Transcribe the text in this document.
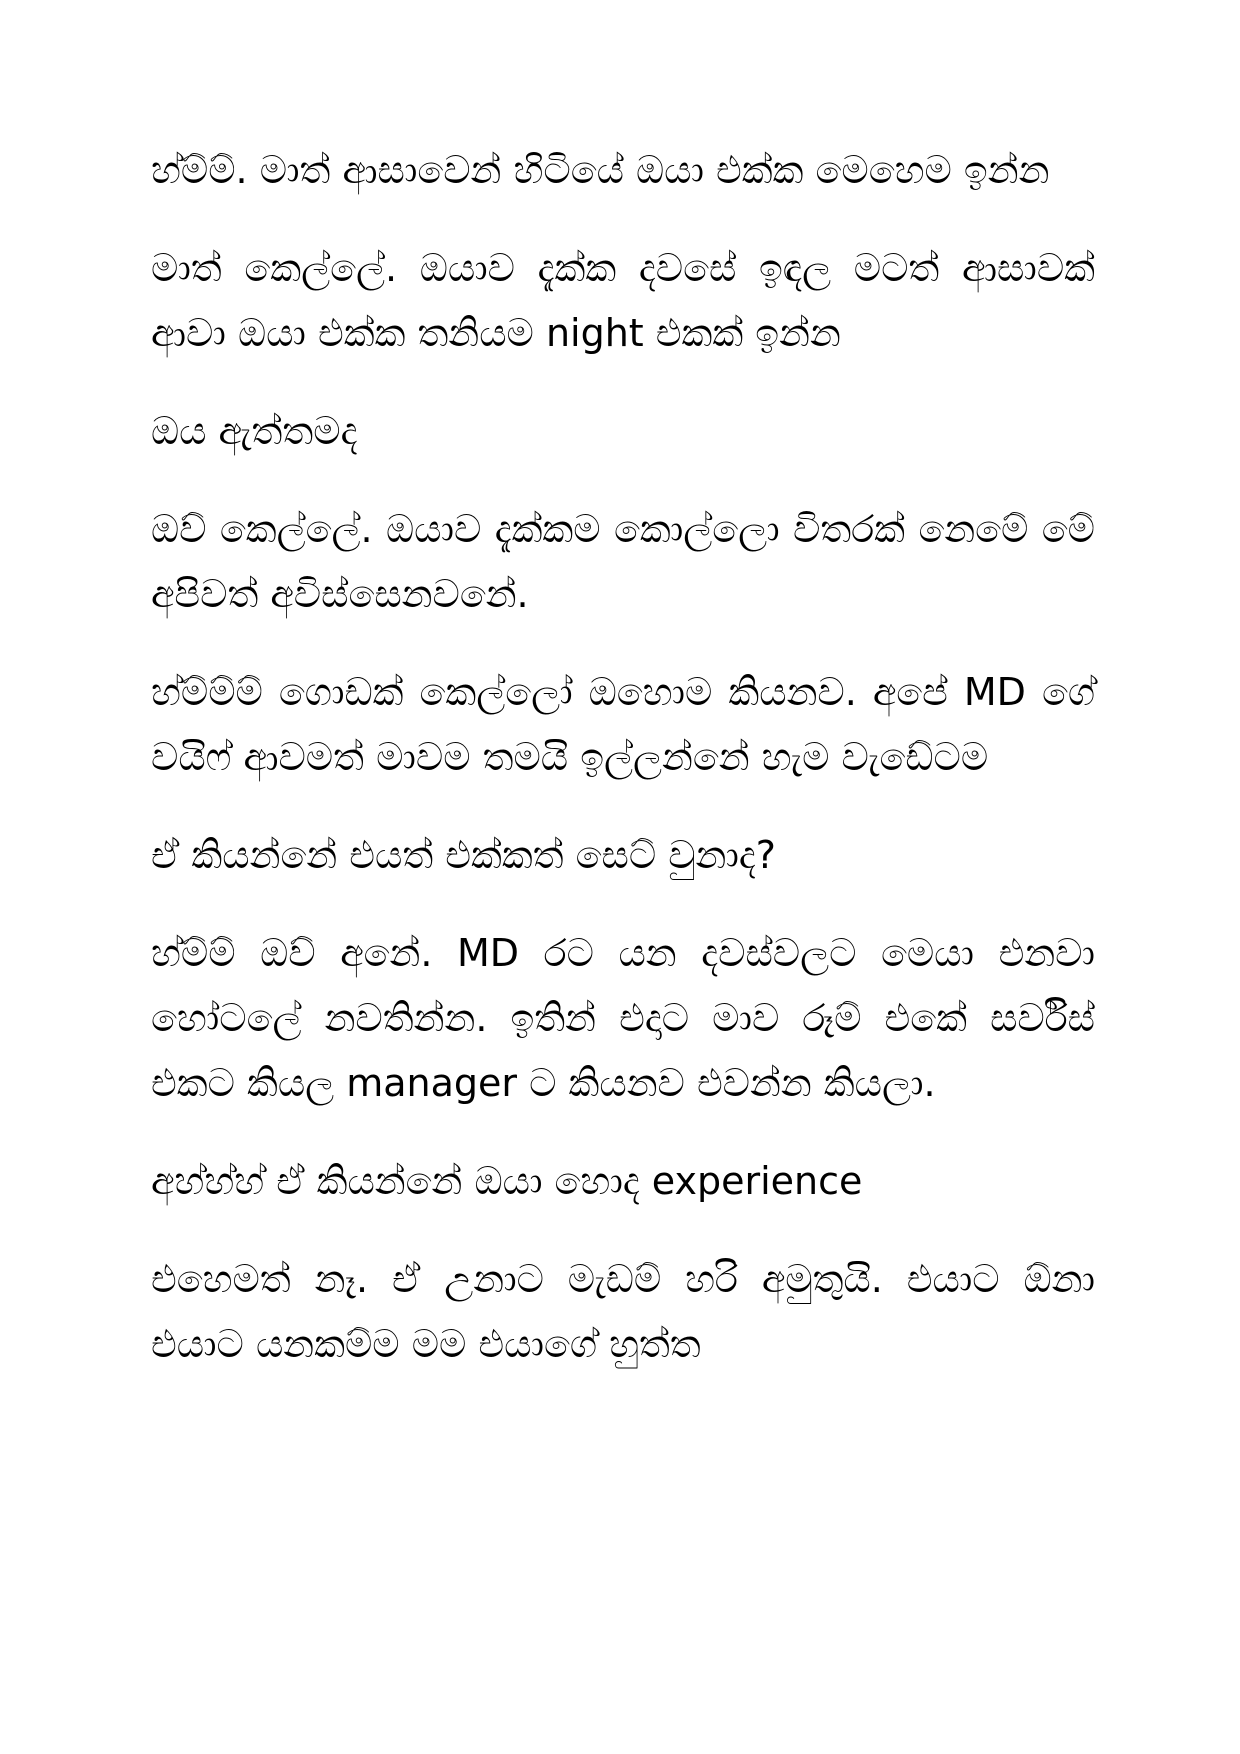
හ්ම්ම්. මාත් ආසාවෙන් හිටියේ ඔයා එක්ක මෙහෙම ඉන්න

මාත් කෙල්ලේ. ඔයාව දැක්ක දවසේ ඉඳල මටත් ආසාවක් ආවා ඔයා එක්ක තනියම night එකක් ඉන්න

ඔය ඇත්තමද

ඔව් කෙල්ලේ. ඔයාව දැක්කම කොල්ලො විතරක් නෙමේ මේ අපිවත් අවිස්සෙනවනේ.

හ්ම්ම්ම් ගොඩක් කෙල්ලෝ ඔහොම කියනව. අපේ MD ගේ වයිෆ් ආවමත් මාවම තමයි ඉල්ලන්නේ හැම වැඩේටම

ඒ කියන්නේ එයත් එක්කත් සෙට් වුනාද?

හ්ම්ම් ඔව් අනේ. MD රට යන දවස්වලට මෙයා එනවා හෝටලේ නවතින්න. ඉතින් එදාට මාව රූම් එකේ සර්විස් එකට කියල manager ට කියනව එවන්න කියලා.

අහ්හ්හ් ඒ කියන්නේ ඔයා හොද experience

එහෙමත් නෑ. ඒ උනාට මැඩම් හරි අමුතුයි. එයාට ඕනා එයාට යනකම්ම මම එයාගේ හුත්ත
